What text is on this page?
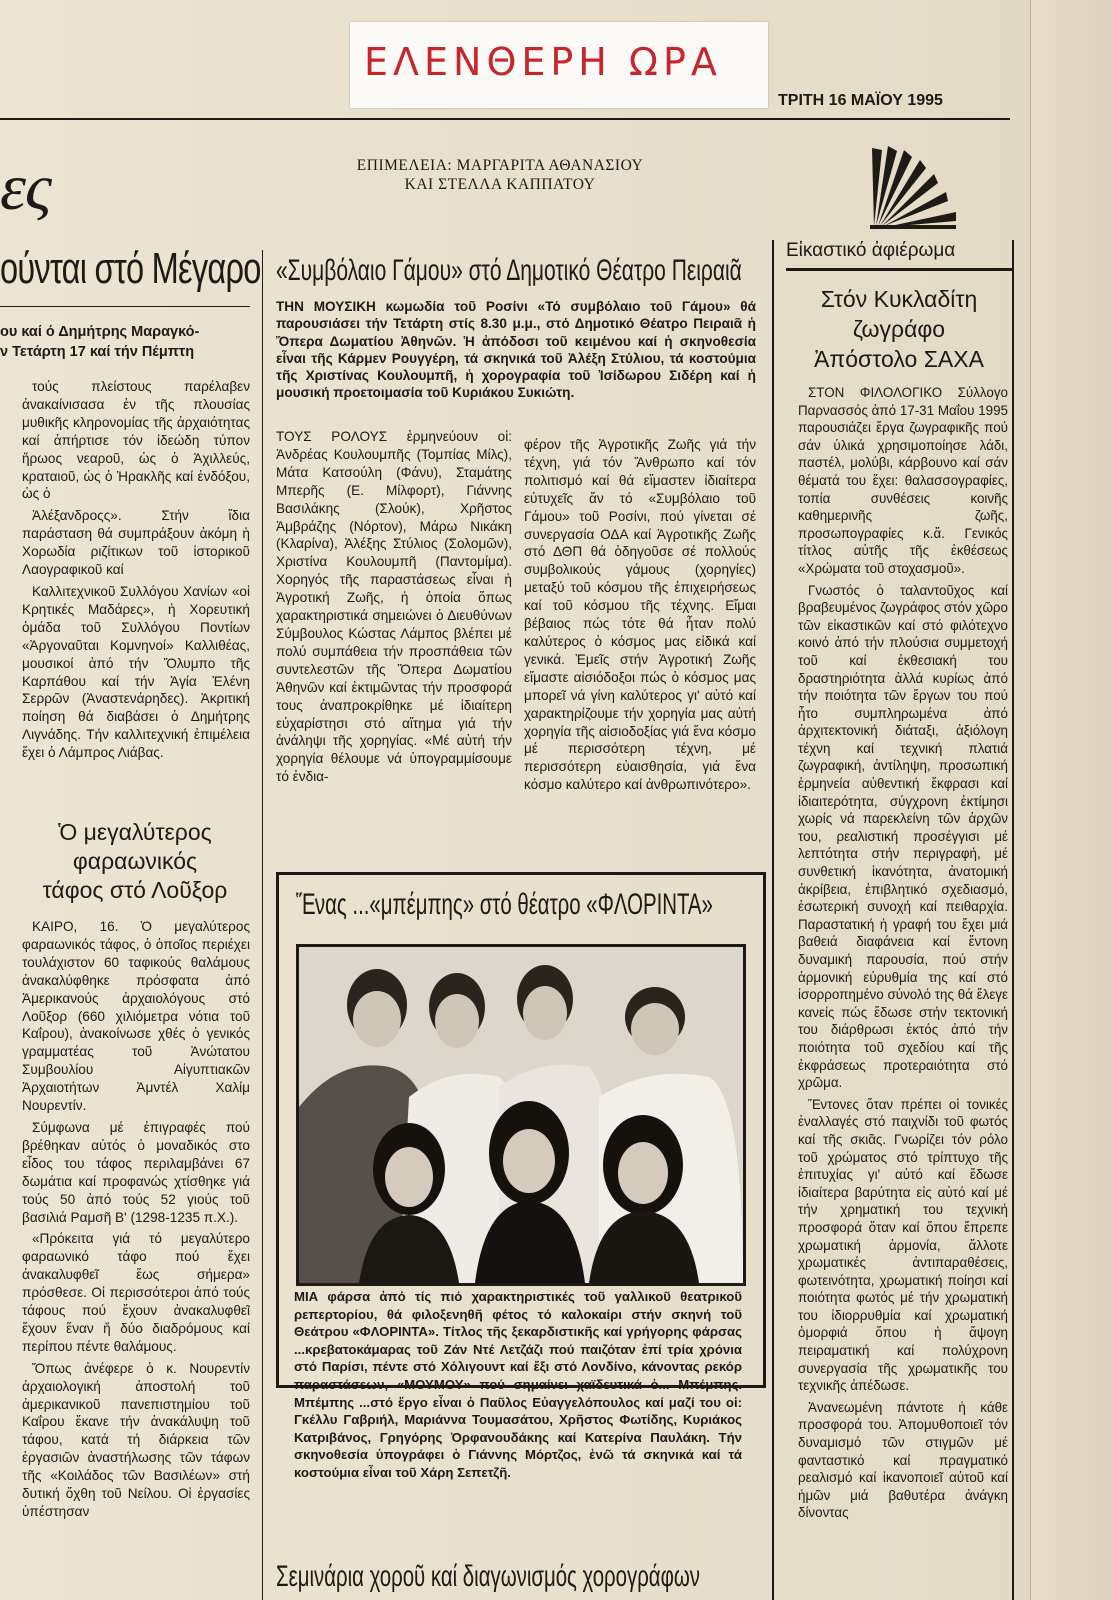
ΕΛΕΝΘΕΡΗ ΩΡΑ
ΤΡΙΤΗ 16 ΜΑΪΟΥ 1995
ες	ΕΠΙΜΕΛΕΙΑ: ΜΑΡΓΑΡΙΤΑ ΑΘΑΝΑΣΙΟΥ
ΚΑΙ ΣΤΕΛΛΑ ΚΑΠΠΑΤΟΥ
ούνται στό Μέγαρο
ου καί ό Δημήτρης Μαραγκό-
ν Τετάρτη 17 καί τήν Πέμπτη

τούς πλείστους παρέλαβεν ἀνακαίνισασα ἐν τῆς πλουσίας μυθικῆς κληρονομίας τῆς ἀρχαιότητας καί ἀπήρτισε τόν ἰδεώδη τύπον ἥρωος νεαροῦ, ὡς ὁ Ἀχιλλεύς, κραταιοῦ, ὡς ὁ Ἡρακλῆς καί ἐνδόξου, ὡς ὁ

Ἀλέξανδροςς». Στήν ἴδια παράσταση θά συμπράξουν ἀκόμη ἡ Χορωδία ριζίτικων τοῦ ἱστορικοῦ Λαογραφικοῦ καί

Καλλιτεχνικοῦ Συλλόγου Χανίων «οἱ Κρητικές Μαδάρες», ἡ Χορευτική ὁμάδα τοῦ Συλλόγου Ποντίων «Ἀργοναῦται Κομνηνοί» Καλλιθέας, μουσικοί ἀπό τήν Ὄλυμπο τῆς Καρπάθου καί τήν Ἁγία Ἐλένη Σερρῶν (Ἀναστενάρηδες). Ἀκριτική ποίηση θά διαβάσει ὁ Δημήτρης Λιγνάδης. Τήν καλλιτεχνική ἐπιμέλεια ἔχει ὁ Λάμπρος Λιάβας.

Ὁ μεγαλύτερος
φαραωνικός
τάφος στό Λοῦξορ

ΚΑΙΡΟ, 16. Ὁ μεγαλύτερος φαραωνικός τάφος, ὁ ὁποῖος περιέχει τουλάχιστον 60 ταφικούς θαλάμους ἀνακαλύφθηκε πρόσφατα ἀπό Ἀμερικανούς ἀρχαιολόγους στό Λοῦξορ (660 χιλιόμετρα νότια τοῦ Καΐρου), ἀνακοίνωσε χθές ὁ γενικός γραμματέας τοῦ Ἀνώτατου Συμβουλίου Αἰγυπτιακῶν Ἀρχαιοτήτων Ἀμντέλ Χαλίμ Νουρεντίν.

Σύμφωνα μέ ἐπιγραφές πού βρέθηκαν αὐτός ὁ μοναδικός στο εἶδος του τάφος περιλαμβάνει 67 δωμάτια καί προφανώς χτίσθηκε γιά τούς 50 ἀπό τούς 52 γιούς τοῦ βασιλιά Ραμσῆ Β' (1298-1235 π.Χ.).

«Πρόκειτα γιά τό μεγαλύτερο φαραωνικό τάφο πού ἔχει ἀνακαλυφθεῖ ἕως σήμερα» πρόσθεσε. Οἱ περισσότεροι ἀπό τούς τάφους πού ἔχουν ἀνακαλυφθεῖ ἔχουν ἕναν ἤ δύο διαδρόμους καί περίπου πέντε θαλάμους.

Ὅπως ἀνέφερε ὁ κ. Νουρεντίν ἀρχαιολογική ἀποστολή τοῦ ἀμερικανικοῦ πανεπιστημίου τοῦ Καΐρου ἔκανε τήν ἀνακάλυψη τοῦ τάφου, κατά τή διάρκεια τῶν ἐργασιῶν ἀναστήλωσης τῶν τάφων τῆς «Κοιλάδος τῶν Βασιλέων» στή δυτική ὄχθη τοῦ Νείλου. Οἱ ἐργασίες ὑπέστησαν

«Συμβόλαιο Γάμου» στό Δημοτικό Θέατρο Πειραιᾶ
ΤΗΝ ΜΟΥΣΙΚΗ κωμωδία τοῦ Ροσίνι «Τό συμβόλαιο τοῦ Γάμου» θά παρουσιάσει τήν Τετάρτη στίς 8.30 μ.μ., στό Δημοτικό Θέατρο Πειραιᾶ ἡ Ὄπερα Δωματίου Ἀθηνῶν. Ἡ ἀπόδοσι τοῦ κειμένου καί ἡ σκηνοθεσία εἶναι τῆς Κάρμεν Ρουγγέρη, τά σκηνικά τοῦ Ἀλέξη Στύλιου, τά κοστούμια τῆς Χριστίνας Κουλουμπῆ, ἡ χορογραφία τοῦ Ἰσίδωρου Σιδέρη καί ἡ μουσική προετοιμασία τοῦ Κυριάκου Συκιώτη.
ΤΟΥΣ ΡΟΛΟΥΣ ἑρμηνεύουν οἱ: Ἀνδρέας Κουλουμπῆς (Τομπίας Μίλς), Μάτα Κατσούλη (Φάνυ), Σταμάτης Μπερῆς (Ε. Μίλφορτ), Γιάννης Βασιλάκης (Σλούκ), Χρῆστος Ἀμβράζης (Νόρτον), Μάρω Νικάκη (Κλαρίνα), Ἀλέξης Στύλιος (Σολομῶν), Χριστίνα Κουλουμπῆ (Παντομίμα). Χορηγός τῆς παραστάσεως εἶναι ἡ Ἀγροτική Ζωῆς, ἡ ὁποία ὅπως χαρακτηριστικά σημειώνει ὁ Διευθύνων Σύμβουλος Κώστας Λάμπος βλέπει μέ πολύ συμπάθεια τήν προσπάθεια τῶν συντελεστῶν τῆς Ὄπερα Δωματίου Ἀθηνῶν καί ἐκτιμῶντας τήν προσφορά τους ἀναπροκρίθηκε μέ ἰδιαίτερη εὐχαρίστησι στό αἴτημα γιά τήν ἀνάληψι τῆς χορηγίας. «Μέ αὐτή τήν χορηγία θέλουμε νά ὑπογραμμίσουμε τό ἐνδια-
φέρον τῆς Ἀγροτικῆς Ζωῆς γιά τήν τέχνη, γιά τόν Ἄνθρωπο καί τόν πολιτισμό καί θά εἴμαστεν ἰδιαίτερα εὐτυχεῖς ἄν τό «Συμβόλαιο τοῦ Γάμου» τοῦ Ροσίνι, πού γίνεται σέ συνεργασία ΟΔΑ καί Ἀγροτικῆς Ζωῆς στό ΔΘΠ θά ὁδηγοῦσε σέ πολλούς συμβολικούς γάμους (χορηγίες) μεταξύ τοῦ κόσμου τῆς ἐπιχειρήσεως καί τοῦ κόσμου τῆς τέχνης. Εἴμαι βέβαιος πώς τότε θά ἦταν πολύ καλύτερος ὁ κόσμος μας εἰδικά καί γενικά. Ἐμεῖς στήν Ἀγροτική Ζωῆς εἴμαστε αἰσιόδοξοι πώς ὁ κόσμος μας μπορεῖ νά γίνη καλύτερος γι' αὐτό καί χαρακτηρίζουμε τήν χορηγία μας αὐτή χορηγία τῆς αἰσιοδοξίας γιά ἕνα κόσμο μέ περισσότερη τέχνη, μέ περισσότερη εὐαισθησία, γιά ἕνα κόσμο καλύτερο καί ἀνθρωπινότερο».
Ἕνας ...«μπέμπης» στό θέατρο «ΦΛΟΡΙΝΤΑ»
ΜΙΑ φάρσα ἀπό τίς πιό χαρακτηριστικές τοῦ γαλλικοῦ θεατρικοῦ ρεπερτορίου, θά φιλοξενηθῆ φέτος τό καλοκαίρι στήν σκηνή τοῦ Θεάτρου «ΦΛΟΡΙΝΤΑ». Τίτλος τῆς ξεκαρδιστικῆς καί γρήγορης φάρσας ...κρεβατοκάμαρας τοῦ Ζάν Ντέ Λετζάζι πού παιζόταν ἐπί τρία χρόνια στό Παρίσι, πέντε στό Χόλιγουντ καί ἔξι στό Λονδίνο, κάνοντας ρεκόρ παραστάσεων, «ΜΟΥΜΟΥ» πού σημαίνει χαϊδευτικά ὁ... Μπέμπης. Μπέμπης ...στό ἔργο εἶναι ὁ Παῦλος Εὐαγγελόπουλος καί μαζί του οἱ: Γκέλλυ Γαβριήλ, Μαριάννα Τουμασάτου, Χρῆστος Φωτίδης, Κυριάκος Κατριβάνος, Γρηγόρης Ὀρφανουδάκης καί Κατερίνα Παυλάκη. Τήν σκηνοθεσία ὑπογράφει ὁ Γιάννης Μόρτζος, ἐνῶ τά σκηνικά καί τά κοστούμια εἶναι τοῦ Χάρη Σεπετζῆ.
Σεμινάρια χοροῦ καί διαγωνισμός χορογράφων
Εἰκαστικό ἀφιέρωμα
Στόν Κυκλαδίτη
ζωγράφο
Ἀπόστολο ΣΑΧΑ

ΣΤΟΝ ΦΙΛΟΛΟΓΙΚΟ Σύλλογο Παρνασσός ἀπό 17-31 Μαΐου 1995 παρουσιάζει ἔργα ζωγραφικῆς πού σάν ὑλικά χρησιμοποίησε λάδι, παστέλ, μολύβι, κάρβουνο καί σάν θέματά του ἔχει: θαλασσογραφίες, τοπία συνθέσεις κοινῆς καθημερινῆς ζωῆς, προσωπογραφίες κ.ἄ. Γενικός τίτλος αὐτῆς τῆς ἐκθέσεως «Χρώματα τοῦ στοχασμοῦ».

Γνωστός ὁ ταλαντοῦχος καί βραβευμένος ζωγράφος στόν χῶρο τῶν εἰκαστικῶν καί στό φιλότεχνο κοινό ἀπό τήν πλούσια συμμετοχή τοῦ καί ἐκθεσιακή του δραστηριότητα ἀλλά κυρίως ἀπό τήν ποιότητα τῶν ἔργων του πού ἦτο συμπληρωμένα ἀπό ἀρχιτεκτονική διάταξι, ἀξιόλογη τέχνη καί τεχνική πλατιά ζωγραφική, ἀντίληψη, προσωπική ἑρμηνεία αὐθεντική ἔκφρασι καί ἰδιαιτερότητα, σύγχρονη ἐκτίμησι χωρίς νά παρεκλείνη τῶν ἀρχῶν του, ρεαλιστική προσέγγισι μέ λεπτότητα στήν περιγραφή, μέ συνθετική ἱκανότητα, ἀνατομική ἀκρίβεια, ἐπιβλητικό σχεδιασμό, ἐσωτερική συνοχή καί πειθαρχία. Παραστατική ἡ γραφή του ἔχει μιά βαθειά διαφάνεια καί ἔντονη δυναμική παρουσία, πού στήν ἁρμονική εὐρυθμία της καί στό ἰσορροπημένο σύνολό της θά ἔλεγε κανείς πώς ἔδωσε στήν τεκτονική του διάρθρωσι ἐκτός ἀπό τήν ποιότητα τοῦ σχεδίου καί τῆς ἐκφράσεως προτεραιότητα στό χρῶμα.

Ἔντονες ὅταν πρέπει οἱ τονικές ἐναλλαγές στό παιχνίδι τοῦ φωτός καί τῆς σκιᾶς. Γνωρίζει τόν ρόλο τοῦ χρώματος στό τρίπτυχο τῆς ἐπιτυχίας γι' αὐτό καί ἔδωσε ἰδιαίτερα βαρύτητα εἰς αὐτό καί μέ τήν χρηματική του τεχνική προσφορά ὅταν καί ὅπου ἔπρεπε χρωματική ἁρμονία, ἄλλοτε χρωματικές ἀντιπαραθέσεις, φωτεινότητα, χρωματική ποίησι καί ποιότητα φωτός μέ τήν χρωματική του ἰδιορρυθμία καί χρωματική ὁμορφιά ὅπου ἡ ἄψογη πειραματική καί πολύχρονη συνεργασία τῆς χρωματικῆς του τεχνικῆς ἀπέδωσε.

Ἀνανεωμένη πάντοτε ἡ κάθε προσφορά του. Ἀπομυθοποιεῖ τόν δυναμισμό τῶν στιγμῶν μέ φανταστικό καί πραγματικό ρεαλισμό καί ἱκανοποιεῖ αὐτοῦ καί ἡμῶν μιά βαθυτέρα ἀνάγκη δίνοντας
